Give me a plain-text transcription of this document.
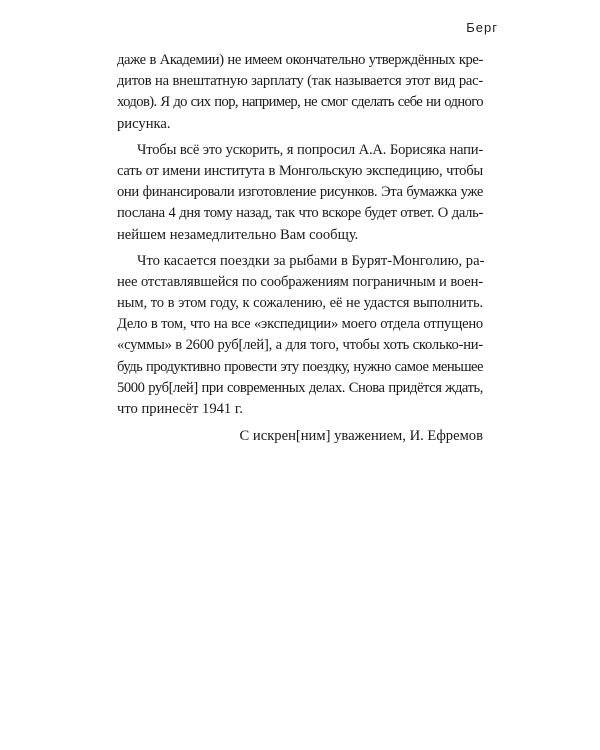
Берг
даже в Академии) не имеем окончательно утверждённых кре-
дитов на внештатную зарплату (так называется этот вид рас-
ходов). Я до сих пор, например, не смог сделать себе ни одного
рисунка.
Чтобы всё это ускорить, я попросил А.А. Борисяка напи-
сать от имени института в Монгольскую экспедицию, чтобы
они финансировали изготовление рисунков. Эта бумажка уже
послана 4 дня тому назад, так что вскоре будет ответ. О даль-
нейшем незамедлительно Вам сообщу.
Что касается поездки за рыбами в Бурят-Монголию, ра-
нее отставлявшейся по соображениям пограничным и воен-
ным, то в этом году, к сожалению, её не удастся выполнить.
Дело в том, что на все «экспедиции» моего отдела отпущено
«суммы» в 2600 руб[лей], а для того, чтобы хоть сколько-ни-
будь продуктивно провести эту поездку, нужно самое меньшее
5000 руб[лей] при современных делах. Снова придётся ждать,
что принесёт 1941 г.
С искрен[ним] уважением, И. Ефремов
